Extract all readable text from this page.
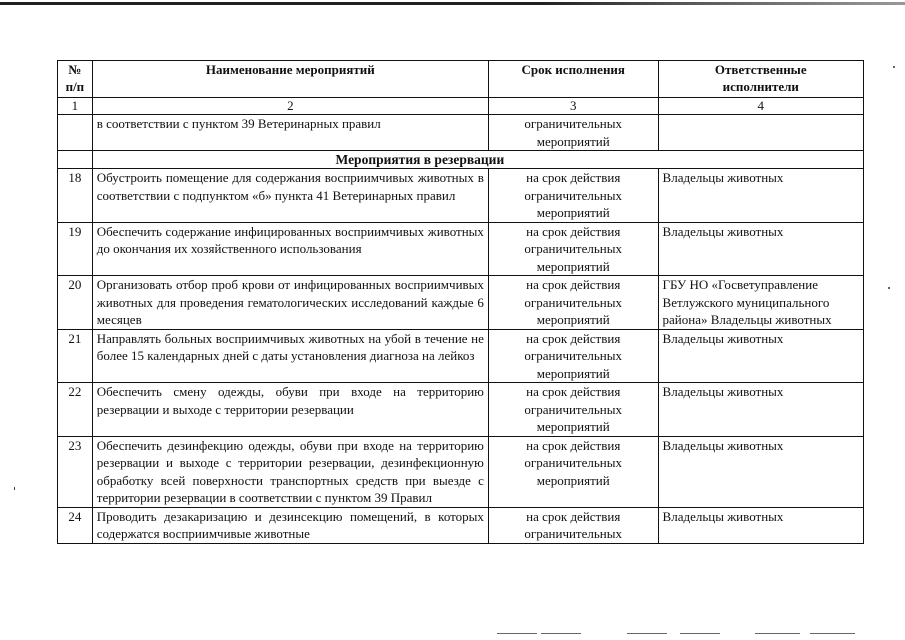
№ п/п	Наименование мероприятий	Срок исполнения	Ответственные исполнители
1	2	3	4
	в соответствии с пунктом 39 Ветеринарных правил	ограничительных мероприятий	
	Мероприятия в резервации		
18	Обустроить помещение для содержания восприимчивых животных в соответствии с подпунктом «б» пункта 41 Ветеринарных правил	на срок действия ограничительных мероприятий	Владельцы животных
19	Обеспечить содержание инфицированных восприимчивых животных до окончания их хозяйственного использования	на срок действия ограничительных мероприятий	Владельцы животных
20	Организовать отбор проб крови от инфицированных восприимчивых животных для проведения гематологических исследований каждые 6 месяцев	на срок действия ограничительных мероприятий	ГБУ НО «Госветуправление Ветлужского муниципального района» Владельцы животных
21	Направлять больных восприимчивых животных на убой в течение не более 15 календарных дней с даты установления диагноза на лейкоз	на срок действия ограничительных мероприятий	Владельцы животных
22	Обеспечить смену одежды, обуви при входе на территорию резервации и выходе с территории резервации	на срок действия ограничительных мероприятий	Владельцы животных
23	Обеспечить дезинфекцию одежды, обуви при входе на территорию резервации и выходе с территории резервации, дезинфекционную обработку всей поверхности транспортных средств при выезде с территории резервации в соответствии с пунктом 39 Правил	на срок действия ограничительных мероприятий	Владельцы животных
24	Проводить дезакаризацию и дезинсекцию помещений, в которых содержатся восприимчивые животные	на срок действия ограничительных	Владельцы животных
